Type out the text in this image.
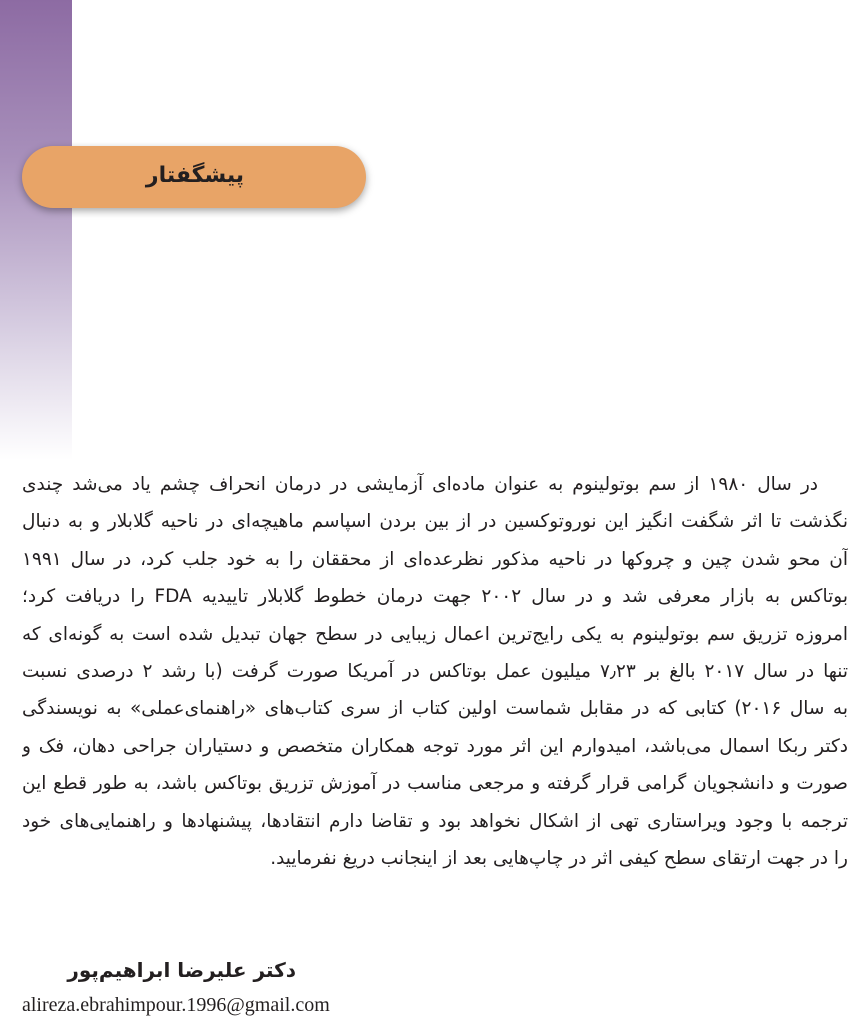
پیشگفتار
در سال ۱۹۸۰ از سم بوتولینوم به عنوان ماده‌ای آزمایشی در درمان انحراف چشم یاد می‌شد چندی
نگذشت تا اثر شگفت انگیز این نوروتوکسین در از بین بردن اسپاسم ماهیچه‌ای در ناحیه گلابلار و به دنبال
آن محو شدن چین و چروکها در ناحیه مذکور نظرعده‌ای از محققان را به خود جلب کرد، در سال ۱۹۹۱
بوتاکس به بازار معرفی شد و در سال ۲۰۰۲ جهت درمان خطوط گلابلار تاییدیه FDA را دریافت کرد؛
امروزه تزریق سم بوتولینوم به یکی رایج‌ترین اعمال زیبایی در سطح جهان تبدیل شده است به گونه‌ای که
تنها در سال ۲۰۱۷ بالغ بر ۷٫۲۳ میلیون عمل بوتاکس در آمریکا صورت گرفت (با رشد ۲ درصدی نسبت
به سال ۲۰۱۶) کتابی که در مقابل شماست اولین کتاب از سری کتاب‌های «راهنمای‌عملی» به نویسندگی
دکتر ربکا اسمال می‌باشد، امیدوارم این اثر مورد توجه همکاران متخصص و دستیاران جراحی دهان، فک و
صورت و دانشجویان گرامی قرار گرفته و مرجعی مناسب در آموزش تزریق بوتاکس باشد، به طور قطع این
ترجمه با وجود ویراستاری تهی از اشکال نخواهد بود و تقاضا دارم انتقادها، پیشنهادها و راهنمایی‌های خود
را در جهت ارتقای سطح کیفی اثر در چاپ‌هایی بعد از اینجانب دریغ نفرمایید.
دکتر علیرضا ابراهیم‌پور
alireza.ebrahimpour.1996@gmail.com
